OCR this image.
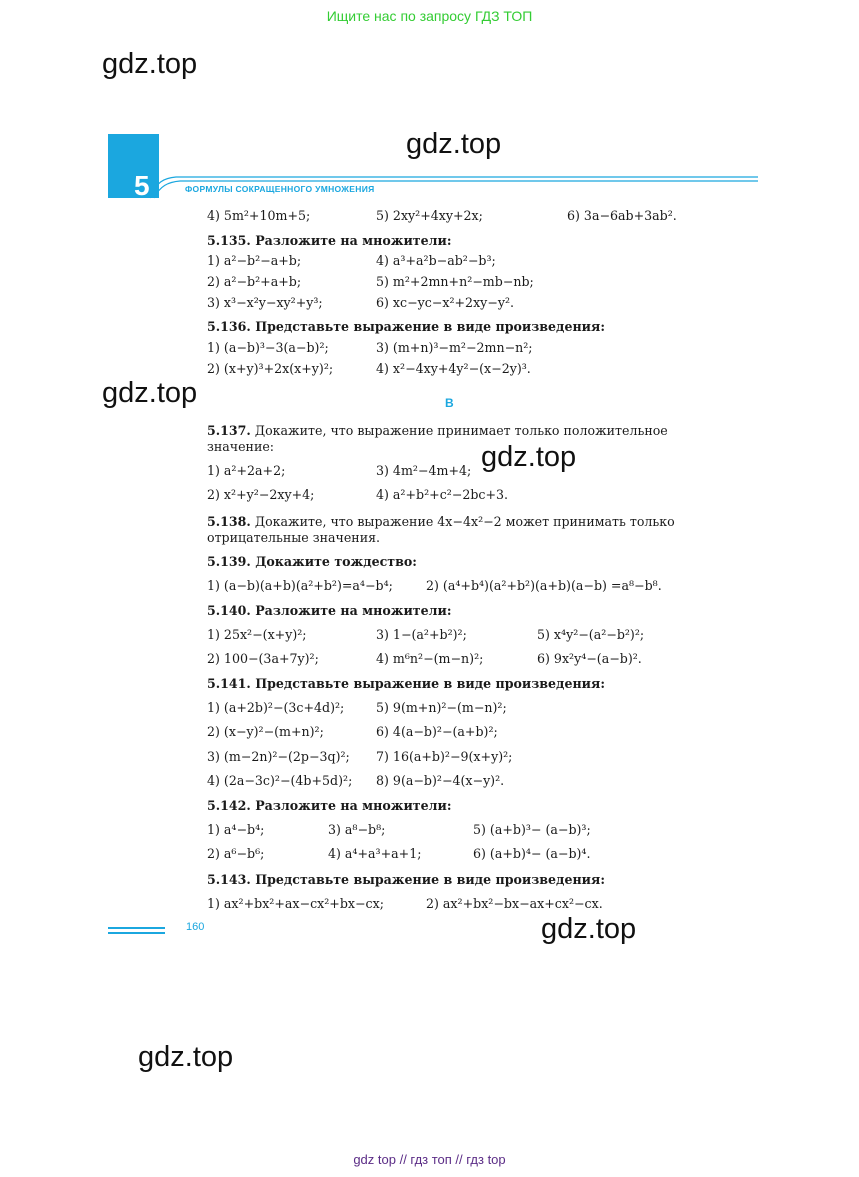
Ищите нас по запросу ГДЗ ТОП
gdz.top
gdz.top
gdz.top
gdz.top
gdz.top
gdz.top
5	ФОРМУЛЫ СОКРАЩЕННОГО УМНОЖЕНИЯ
4) 5m²+10m+5;	5) 2xy²+4xy+2x;	6) 3a−6ab+3ab².
5.135. Разложите на множители:
1) a²−b²−a+b;	4) a³+a²b−ab²−b³;
2) a²−b²+a+b;	5) m²+2mn+n²−mb−nb;
3) x³−x²y−xy²+y³;	6) xc−yc−x²+2xy−y².
5.136. Представьте выражение в виде произведения:
1) (a−b)³−3(a−b)²;	3) (m+n)³−m²−2mn−n²;
2) (x+y)³+2x(x+y)²;	4) x²−4xy+4y²−(x−2y)³.
B
5.137. Докажите, что выражение принимает только положительное значение:
1) a²+2a+2;	3) 4m²−4m+4;
2) x²+y²−2xy+4;	4) a²+b²+c²−2bc+3.
5.138. Докажите, что выражение 4x−4x²−2 может принимать только отрицательные значения.
5.139. Докажите тождество:
1) (a−b)(a+b)(a²+b²)=a⁴−b⁴;	2) (a⁴+b⁴)(a²+b²)(a+b)(a−b) =a⁸−b⁸.
5.140. Разложите на множители:
1) 25x²−(x+y)²;	3) 1−(a²+b²)²;	5) x⁴y²−(a²−b²)²;
2) 100−(3a+7y)²;	4) m⁶n²−(m−n)²;	6) 9x²y⁴−(a−b)².
5.141. Представьте выражение в виде произведения:
1) (a+2b)²−(3c+4d)²;	5) 9(m+n)²−(m−n)²;
2) (x−y)²−(m+n)²;	6) 4(a−b)²−(a+b)²;
3) (m−2n)²−(2p−3q)²; 7) 16(a+b)²−9(x+y)²;
4) (2a−3c)²−(4b+5d)²; 8) 9(a−b)²−4(x−y)².
5.142. Разложите на множители:
1) a⁴−b⁴;	3) a⁸−b⁸;	5) (a+b)³− (a−b)³;
2) a⁶−b⁶;	4) a⁴+a³+a+1;	6) (a+b)⁴− (a−b)⁴.
5.143. Представьте выражение в виде произведения:
1) ax²+bx²+ax−cx²+bx−cx;	2) ax²+bx²−bx−ax+cx²−cx.
160
gdz top // гдз топ // гдз top
